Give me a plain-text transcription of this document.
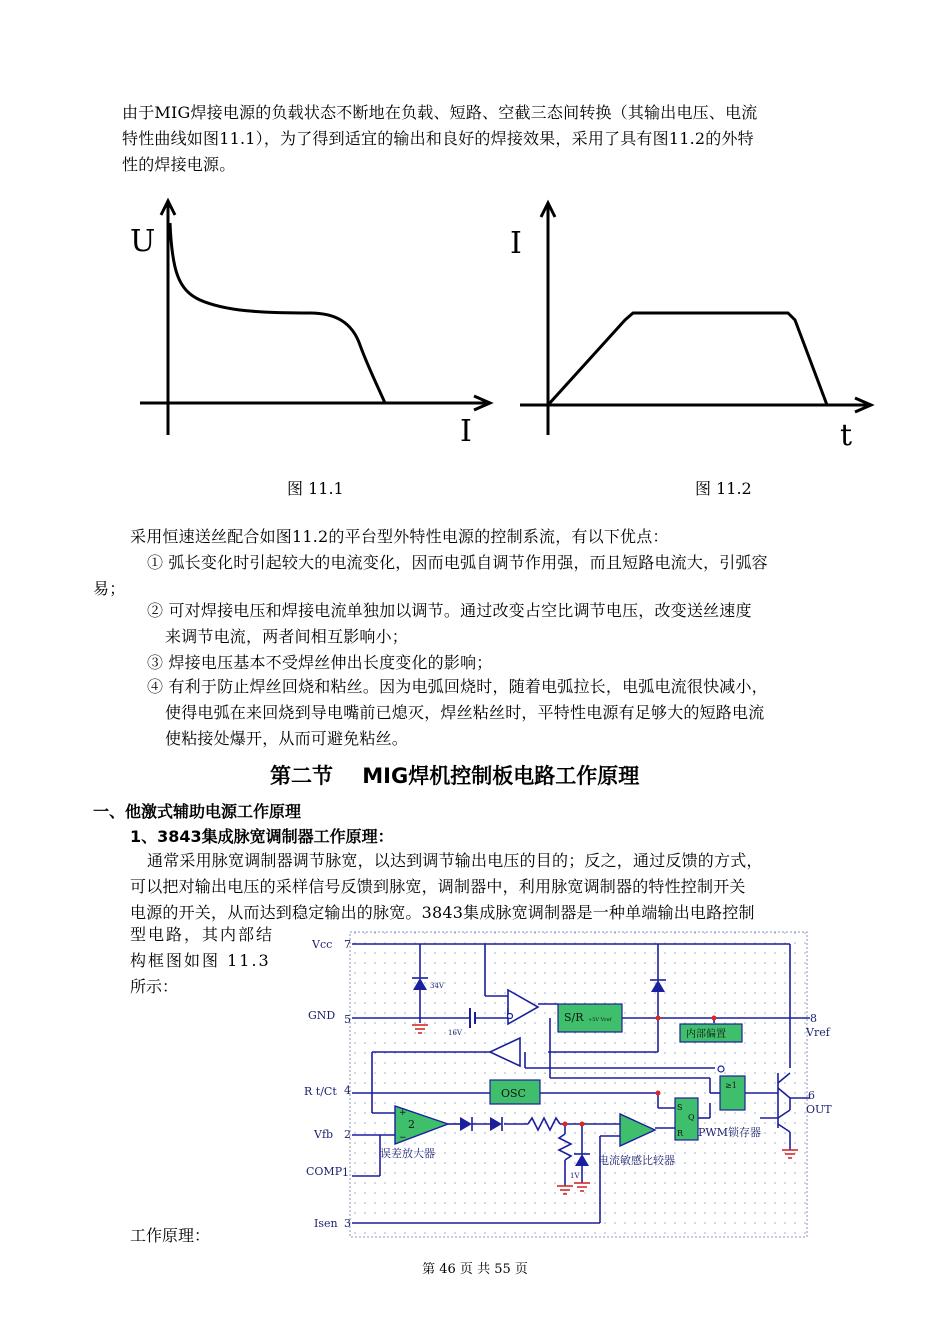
由于MIG焊接电源的负载状态不断地在负载、短路、空截三态间转换（其输出电压、电流
特性曲线如图11.1），为了得到适宜的输出和良好的焊接效果，采用了具有图11.2的外特
性的焊接电源。
U
I
I
t
图 11.1	图 11.2
采用恒速送丝配合如图11.2的平台型外特性电源的控制系流，有以下优点：
① 弧长变化时引起较大的电流变化，因而电弧自调节作用强，而且短路电流大，引弧容
易；
② 可对焊接电压和焊接电流单独加以调节。通过改变占空比调节电压，改变送丝速度
来调节电流，两者间相互影响小；
③ 焊接电压基本不受焊丝伸出长度变化的影响；
④ 有利于防止焊丝回烧和粘丝。因为电弧回烧时，随着电弧拉长，电弧电流很快减小，
使得电弧在来回烧到导电嘴前已熄灭，焊丝粘丝时，平特性电源有足够大的短路电流
使粘接处爆开，从而可避免粘丝。
第二节    MIG焊机控制板电路工作原理
一、他激式辅助电源工作原理
1、3843集成脉宽调制器工作原理：
通常采用脉宽调制器调节脉宽，以达到调节输出电压的目的；反之，通过反馈的方式，
可以把对输出电压的采样信号反馈到脉宽，调制器中，利用脉宽调制器的特性控制开关
电源的开关，从而达到稳定输出的脉宽。3843集成脉宽调制器是一种单端输出电路控制
型电路，其内部结
构框图如图 11.3
所示：
工作原理：
Vcc 7
GND 5
R t/Ct 4
Vfb 2
COMP 1
Isen 3
8
Vref
6
OUT
34V
16V
S/R +5V Vref
内部偏置
OSC
≥1
S
Q
R PWM锁存器
+
−
2
误差放大器
1V
电流敏感比较器
第 46 页 共 55 页
